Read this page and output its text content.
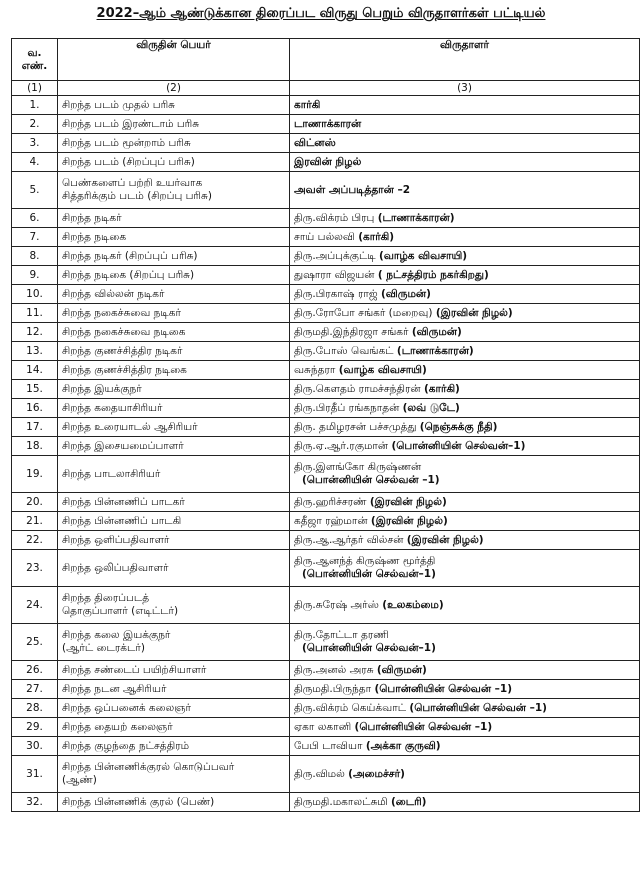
2022–ஆம் ஆண்டுக்கான திரைப்பட விருது பெறும் விருதாளர்கள் பட்டியல்
வ.
எண்.	விருதின் பெயர்	விருதாளர்
(1)	(2)	(3)
1.	சிறந்த படம் முதல் பரிசு	கார்கி

2.	சிறந்த படம் இரண்டாம் பரிசு	டாணாக்காரன்

3.	சிறந்த படம் மூன்றாம் பரிசு	விட்னஸ்

4.	சிறந்த படம் (சிறப்புப் பரிசு)	இரவின் நிழல்

5.	பெண்களைப் பற்றி உயர்வாக
சித்தரிக்கும் படம் (சிறப்பு பரிசு)	அவள் அப்படித்தான் –2

6.	சிறந்த நடிகர்	திரு.விக்ரம் பிரபு (டாணாக்காரன்)

7.	சிறந்த நடிகை	சாய் பல்லவி (கார்கி)

8.	சிறந்த நடிகர் (சிறப்புப் பரிசு)	திரு.அப்புக்குட்டி (வாழ்க விவசாயி)

9.	சிறந்த நடிகை (சிறப்பு பரிசு)	துஷாரா விஜயன் ( நட்சத்திரம் நகர்கிறது)

10.	சிறந்த வில்லன் நடிகர்	திரு.பிரகாஷ் ராஜ் (விருமன்)

11.	சிறந்த நகைச்சுவை நடிகர்	திரு.ரோபோ சங்கர் (மறைவு) (இரவின் நிழல்)

12.	சிறந்த நகைச்சுவை நடிகை	திருமதி.இந்திரஜா சங்கர் (விருமன்)

13.	சிறந்த குணச்சித்திர நடிகர்	திரு.போஸ் வெங்கட் (டாணாக்காரன்)

14.	சிறந்த குணச்சித்திர நடிகை	வசுந்தரா (வாழ்க விவசாயி)

15.	சிறந்த இயக்குநர்	திரு.கௌதம் ராமச்சந்திரன் (கார்கி)

16.	சிறந்த கதையாசிரியர்	திரு.பிரதீப் ரங்கநாதன் (லவ் டுடே)

17.	சிறந்த உரையாடல் ஆசிரியர்	திரு. தமிழரசன் பச்சமுத்து (நெஞ்சுக்கு நீதி)

18.	சிறந்த இசையமைப்பாளர்	திரு.ஏ.ஆர்.ரகுமான் (பொன்னியின் செல்வன்–1)

19.	சிறந்த பாடலாசிரியர்	திரு.இளங்கோ கிருஷ்ணன்
(பொன்னியின் செல்வன் –1)

20.	சிறந்த பின்னணிப் பாடகர்	திரு.ஹரிச்சரண் (இரவின் நிழல்)

21.	சிறந்த பின்னணிப் பாடகி	கதீஜா ரஹ்மான் (இரவின் நிழல்)

22.	சிறந்த ஒளிப்பதிவாளர்	திரு.ஆ.ஆர்தர் வில்சன் (இரவின் நிழல்)

23.	சிறந்த ஒலிப்பதிவாளர்	திரு.ஆனந்த் கிருஷ்ண மூர்த்தி
(பொன்னியின் செல்வன்–1)

24.	சிறந்த திரைப்படத்
தொகுப்பாளர் (எடிட்டர்)	திரு.சுரேஷ் அர்ஸ் (உலகம்மை)

25.	சிறந்த கலை இயக்குநர்
(ஆர்ட் டைரக்டர்)	திரு.தோட்டா தரணி
(பொன்னியின் செல்வன்–1)

26.	சிறந்த சண்டைப் பயிற்சியாளர்	திரு.அனல் அரசு (விருமன்)

27.	சிறந்த நடன ஆசிரியர்	திருமதி.பிருந்தா (பொன்னியின் செல்வன் –1)

28.	சிறந்த ஒப்பனைக் கலைஞர்	திரு.விக்ரம் கெய்க்வாட் (பொன்னியின் செல்வன் –1)

29.	சிறந்த தையற் கலைஞர்	ஏகா லகானி (பொன்னியின் செல்வன் –1)

30.	சிறந்த குழந்தை நட்சத்திரம்	பேபி டாவியா (அக்கா குருவி)

31.	சிறந்த பின்னணிக்குரல் கொடுப்பவர்
(ஆண்)	திரு.விமல் (அமைச்சர்)

32.	சிறந்த பின்னணிக் குரல் (பெண்)	திருமதி.மகாலட்சுமி (டைரி)
